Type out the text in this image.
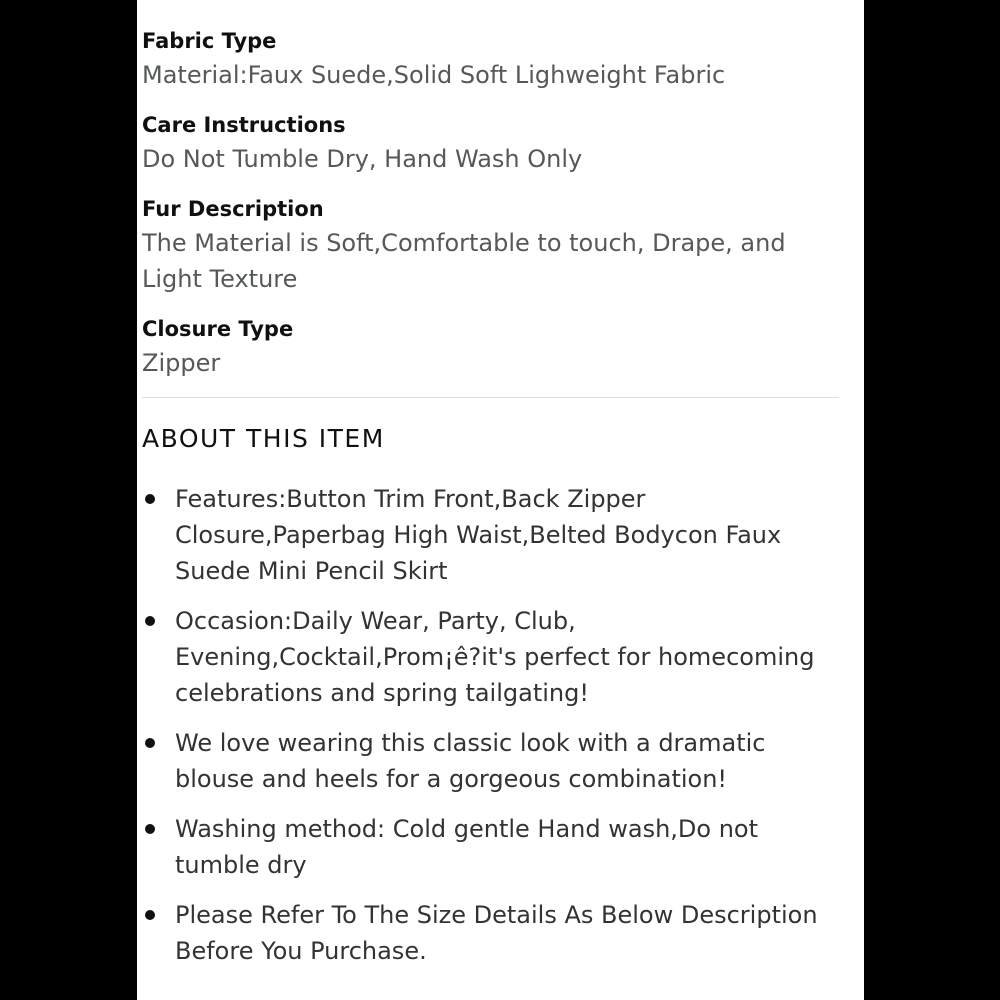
Fabric Type
Material:Faux Suede,Solid Soft Lighweight Fabric
Care Instructions
Do Not Tumble Dry, Hand Wash Only
Fur Description
The Material is Soft,Comfortable to touch, Drape, and Light Texture
Closure Type
Zipper
ABOUT THIS ITEM
Features:Button Trim Front,Back Zipper Closure,Paperbag High Waist,Belted Bodycon Faux Suede Mini Pencil Skirt
Occasion:Daily Wear, Party, Club, Evening,Cocktail,Prom¡ê?it's perfect for homecoming celebrations and spring tailgating!
We love wearing this classic look with a dramatic blouse and heels for a gorgeous combination!
Washing method: Cold gentle Hand wash,Do not tumble dry
Please Refer To The Size Details As Below Description Before You Purchase.
